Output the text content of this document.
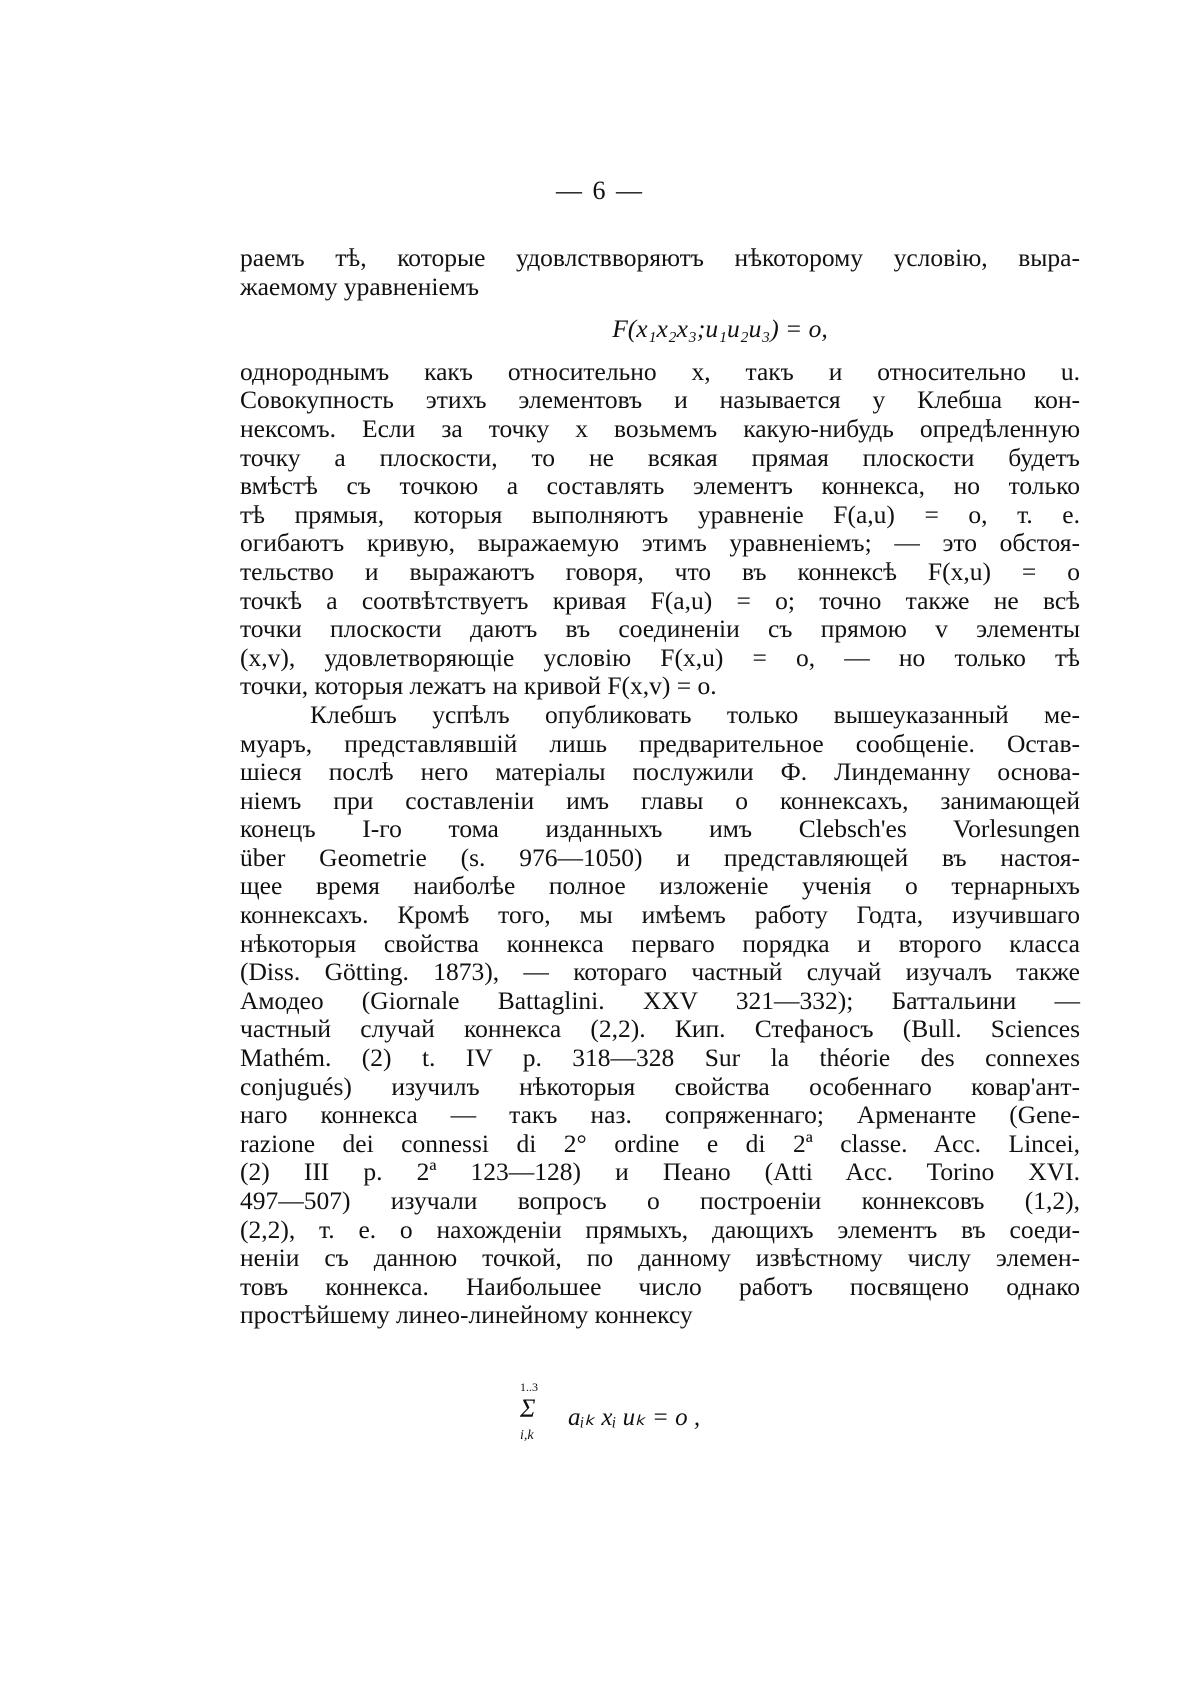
— 6 —
раемъ тѣ, которые удовлствворяютъ нѣкоторому условію, выра-
жаемому уравненіемъ
F(x₁x₂x₃;u₁u₂u₃) = o,
однороднымъ какъ относительно x, такъ и относительно u.
Совокупность этихъ элементовъ и называется у Клебша кон-
нексомъ. Если за точку x возьмемъ какую-нибудь опредѣленную
точку a плоскости, то не всякая прямая плоскости будетъ
вмѣстѣ съ точкою a составлять элементъ коннекса, но только
тѣ прямыя, которыя выполняютъ уравненіе F(a,u) = o, т. е.
огибаютъ кривую, выражаемую этимъ уравненіемъ; — это обстоя-
тельство и выражаютъ говоря, что въ коннексѣ F(x,u) = o
точкѣ a соотвѣтствуетъ кривая F(a,u) = o; точно также не всѣ
точки плоскости даютъ въ соединеніи съ прямою v элементы
(x,v), удовлетворяющіе условію F(x,u) = o, — но только тѣ
точки, которыя лежатъ на кривой F(x,v) = o.
Клебшъ успѣлъ опубликовать только вышеуказанный ме-
муаръ, представлявшій лишь предварительное сообщеніе. Остав-
шіеся послѣ него матеріалы послужили Ф. Линдеманну основа-
ніемъ при составленіи имъ главы о коннексахъ, занимающей
конецъ I-го тома изданныхъ имъ Clebsch'es Vorlesungen
über Geometrie (s. 976—1050) и представляющей въ настоя-
щее время наиболѣе полное изложеніе ученія о тернарныхъ
коннексахъ. Кромѣ того, мы имѣемъ работу Годта, изучившаго
нѣкоторыя свойства коннекса перваго порядка и второго класса
(Diss. Götting. 1873), — котораго частный случай изучалъ также
Амодео (Giornale Battaglini. XXV 321—332); Баттальини —
частный случай коннекса (2,2). Кип. Стефаносъ (Bull. Sciences
Mathém. (2) t. IV p. 318—328 Sur la théorie des connexes
conjugués) изучилъ нѣкоторыя свойства особеннаго ковар'ант-
наго коннекса — такъ наз. сопряженнаго; Арменанте (Gene-
razione dei connessi di 2° ordine e di 2ª classe. Acc. Lincei,
(2) III p. 2ª 123—128) и Пеано (Atti Acc. Torino XVI.
497—507) изучали вопросъ о построеніи коннексовъ (1,2),
(2,2), т. е. о нахожденіи прямыхъ, дающихъ элементъ въ соеди-
неніи съ данною точкой, по данному извѣстному числу элемен-
товъ коннекса. Наибольшее число работъ посвящено однако
простѣйшему линео-линейному коннексу
1..3
Σ
i,k
aᵢₖ xᵢ uₖ = o ,
